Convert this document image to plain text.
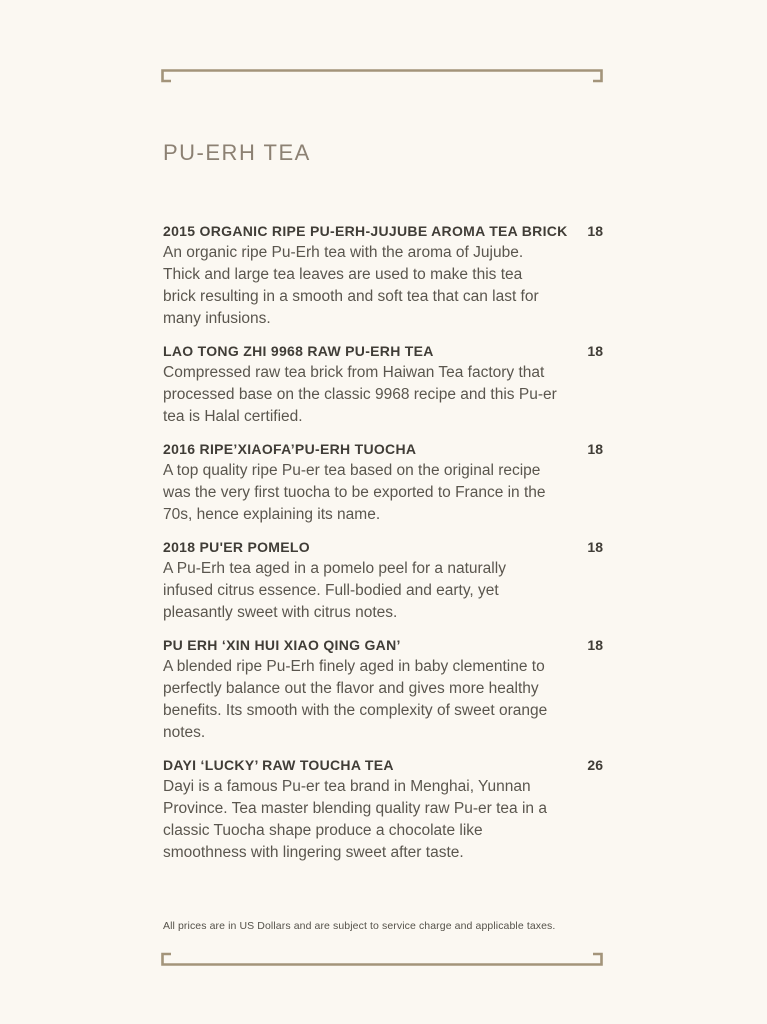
PU-ERH TEA
2015 ORGANIC RIPE PU-ERH-JUJUBE AROMA TEA BRICK	18

An organic ripe Pu-Erh tea with the aroma of Jujube. Thick and large tea leaves are used to make this tea brick resulting in a smooth and soft tea that can last for many infusions.

LAO TONG ZHI 9968 RAW PU-ERH TEA	18

Compressed raw tea brick from Haiwan Tea factory that processed base on the classic 9968 recipe and this Pu-er tea is Halal certified.

2016 RIPE’XIAOFA’PU-ERH TUOCHA	18

A top quality ripe Pu-er tea based on the original recipe was the very first tuocha to be exported to France in the 70s, hence explaining its name.

2018 PU'ER POMELO	18

A Pu-Erh tea aged in a pomelo peel for a naturally infused citrus essence. Full-bodied and earty, yet pleasantly sweet with citrus notes.

PU ERH ‘XIN HUI XIAO QING GAN’	18

A blended ripe Pu-Erh finely aged in baby clementine to perfectly balance out the flavor and gives more healthy benefits. Its smooth with the complexity of sweet orange notes.

DAYI ‘LUCKY’ RAW TOUCHA TEA	26

Dayi is a famous Pu-er tea brand in Menghai, Yunnan Province. Tea master blending quality raw Pu-er tea in a classic Tuocha shape produce a chocolate like smoothness with lingering sweet after taste.

All prices are in US Dollars and are subject to service charge and applicable taxes.
